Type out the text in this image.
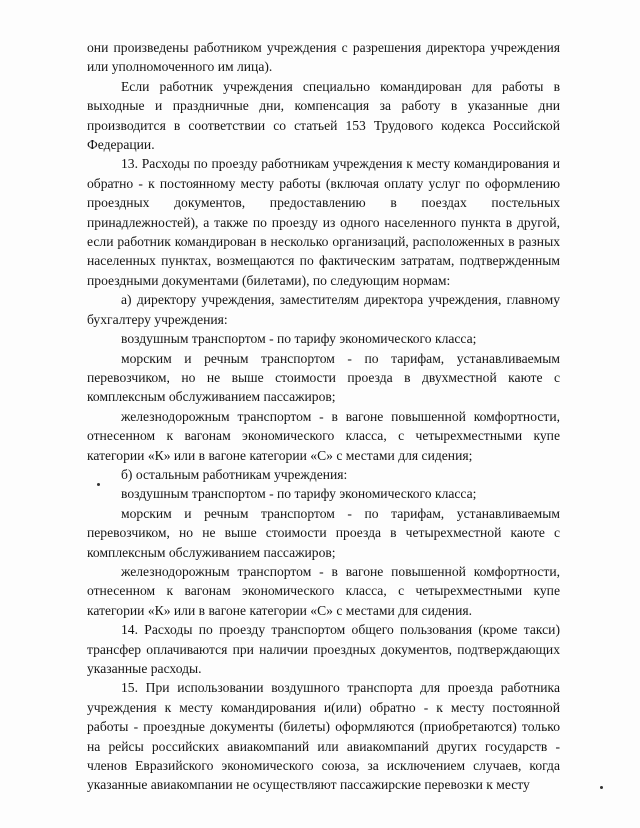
они произведены работником учреждения с разрешения директора учреждения или уполномоченного им лица).

Если работник учреждения специально командирован для работы в выходные и праздничные дни, компенсация за работу в указанные дни производится в соответствии со статьей 153 Трудового кодекса Российской Федерации.

13. Расходы по проезду работникам учреждения к месту командирования и обратно - к постоянному месту работы (включая оплату услуг по оформлению проездных документов, предоставлению в поездах постельных принадлежностей), а также по проезду из одного населенного пункта в другой, если работник командирован в несколько организаций, расположенных в разных населенных пунктах, возмещаются по фактическим затратам, подтвержденным проездными документами (билетами), по следующим нормам:

а) директору учреждения, заместителям директора учреждения, главному бухгалтеру учреждения:

воздушным транспортом - по тарифу экономического класса;

морским и речным транспортом - по тарифам, устанавливаемым перевозчиком, но не выше стоимости проезда в двухместной каюте с комплексным обслуживанием пассажиров;

железнодорожным транспортом - в вагоне повышенной комфортности, отнесенном к вагонам экономического класса, с четырехместными купе категории «К» или в вагоне категории «С» с местами для сидения;

б) остальным работникам учреждения:

воздушным транспортом - по тарифу экономического класса;

морским и речным транспортом - по тарифам, устанавливаемым перевозчиком, но не выше стоимости проезда в четырехместной каюте с комплексным обслуживанием пассажиров;

железнодорожным транспортом - в вагоне повышенной комфортности, отнесенном к вагонам экономического класса, с четырехместными купе категории «К» или в вагоне категории «С» с местами для сидения.

14. Расходы по проезду транспортом общего пользования (кроме такси) трансфер оплачиваются при наличии проездных документов, подтверждающих указанные расходы.

15. При использовании воздушного транспорта для проезда работника учреждения к месту командирования и(или) обратно - к месту постоянной работы - проездные документы (билеты) оформляются (приобретаются) только на рейсы российских авиакомпаний или авиакомпаний других государств - членов Евразийского экономического союза, за исключением случаев, когда указанные авиакомпании не осуществляют пассажирские перевозки к месту
